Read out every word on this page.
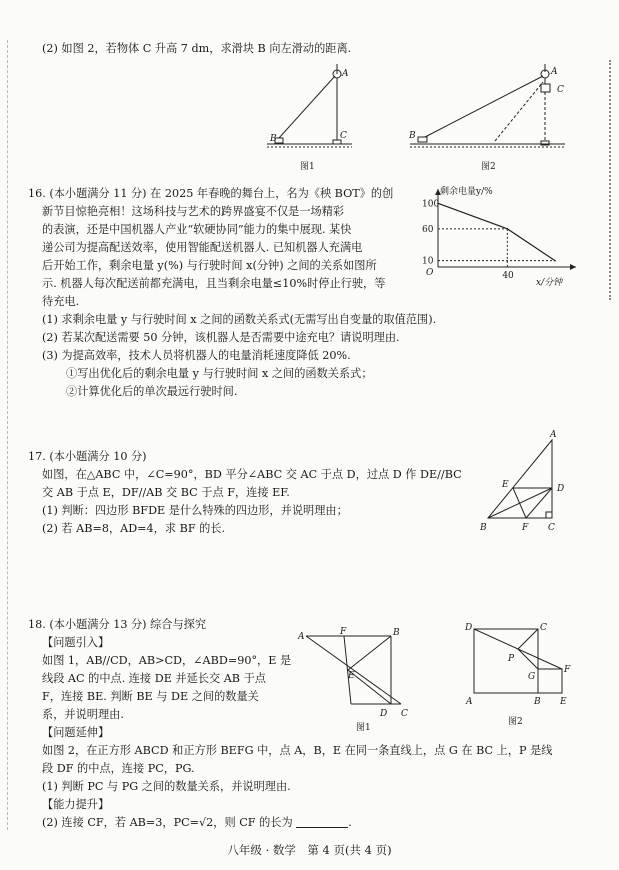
(2) 如图 2，若物体 C 升高 7 dm，求滑块 B 向左滑动的距离.
A
B	C
图1
A
C
B
图2
16. (本小题满分 11 分) 在 2025 年春晚的舞台上，名为《秧 BOT》的创
新节目惊艳亮相！这场科技与艺术的跨界盛宴不仅是一场精彩
的表演，还是中国机器人产业“软硬协同”能力的集中展现. 某快
递公司为提高配送效率，使用智能配送机器人. 已知机器人充满电
后开始工作，剩余电量 y(%) 与行驶时间 x(分钟) 之间的关系如图所
示. 机器人每次配送前都充满电，且当剩余电量≤10%时停止行驶，等
待充电.
(1) 求剩余电量 y 与行驶时间 x 之间的函数关系式(无需写出自变量的取值范围).
(2) 若某次配送需要 50 分钟，该机器人是否需要中途充电？请说明理由.
(3) 为提高效率，技术人员将机器人的电量消耗速度降低 20%.
①写出优化后的剩余电量 y 与行驶时间 x 之间的函数关系式；
②计算优化后的单次最远行驶时间.
剩余电量y/%
x/分钟
O
100
60
10
40
17. (本小题满分 10 分)
如图，在△ABC 中，∠C=90°，BD 平分∠ABC 交 AC 于点 D，过点 D 作 DE//BC
交 AB 于点 E，DF//AB 交 BC 于点 F，连接 EF.
(1) 判断：四边形 BFDE 是什么特殊的四边形，并说明理由；
(2) 若 AB=8，AD=4，求 BF 的长.
A
B	C
D
E
F
18. (本小题满分 13 分) 综合与探究
【问题引入】
如图 1，AB//CD，AB>CD，∠ABD=90°，E 是
线段 AC 的中点. 连接 DE 并延长交 AB 于点
F，连接 BE. 判断 BE 与 DE 之间的数量关
系，并说明理由.
【问题延伸】
如图 2，在正方形 ABCD 和正方形 BEFG 中，点 A，B，E 在同一条直线上，点 G 在 BC 上，P 是线
段 DF 的中点，连接 PC，PG.
(1) 判断 PC 与 PG 之间的数量关系，并说明理由.
【能力提升】
(2) 连接 CF，若 AB=3，PC=√2，则 CF 的长为	.
A	F	B
E
D C
图1
D	C
P
G
F
A	B E
图2
八年级 · 数学　第 4 页(共 4 页)
